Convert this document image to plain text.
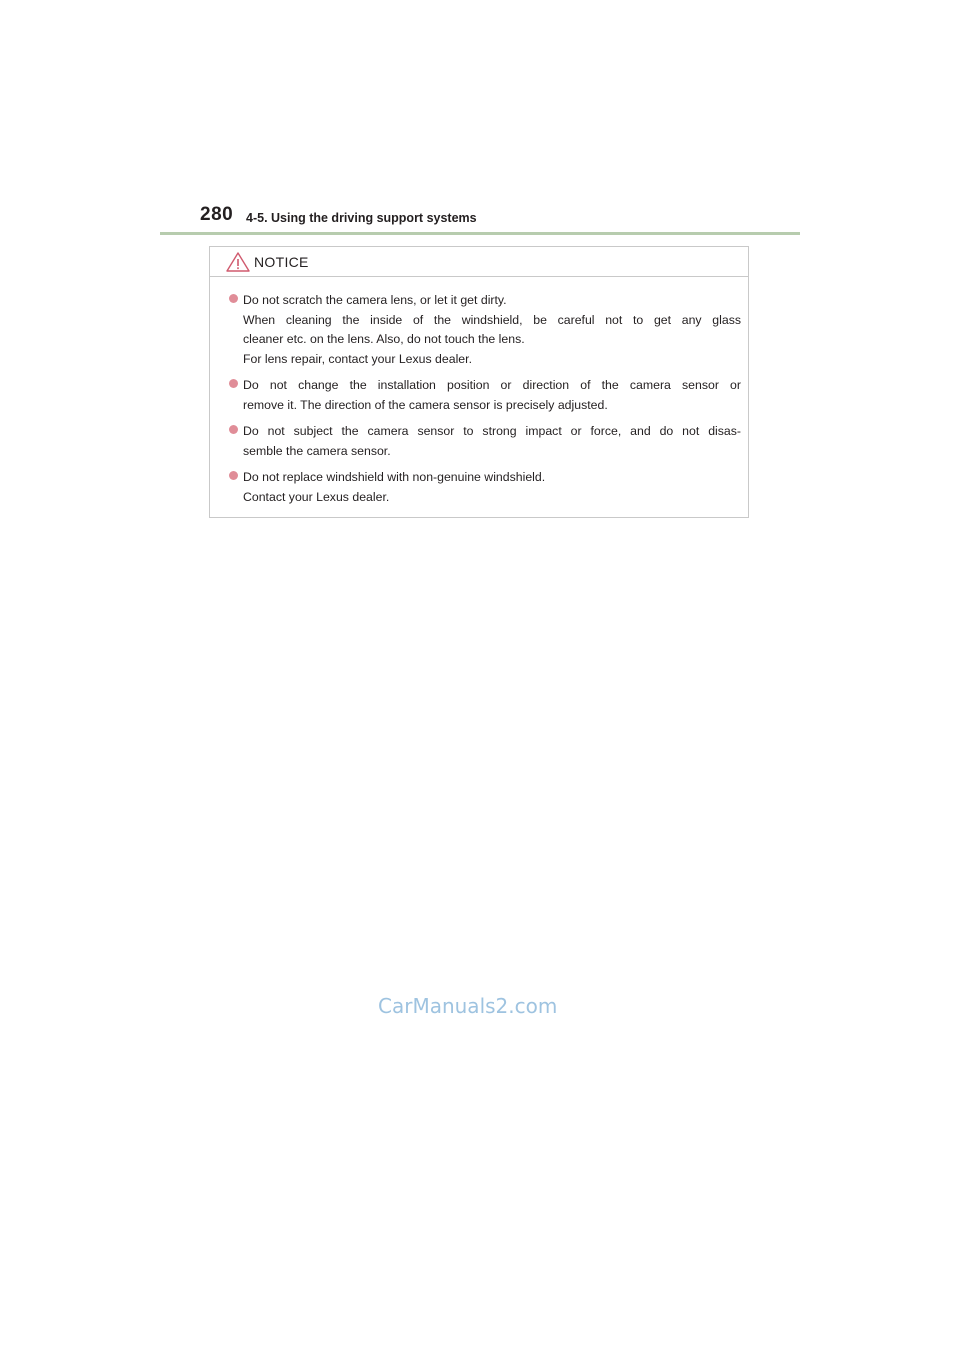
280 4-5. Using the driving support systems
NOTICE
Do not scratch the camera lens, or let it get dirty.
When cleaning the inside of the windshield, be careful not to get any glass
cleaner etc. on the lens. Also, do not touch the lens.
For lens repair, contact your Lexus dealer.
Do not change the installation position or direction of the camera sensor or
remove it. The direction of the camera sensor is precisely adjusted.
Do not subject the camera sensor to strong impact or force, and do not disas-
semble the camera sensor.
Do not replace windshield with non-genuine windshield.
Contact your Lexus dealer.
CarManuals2.com
